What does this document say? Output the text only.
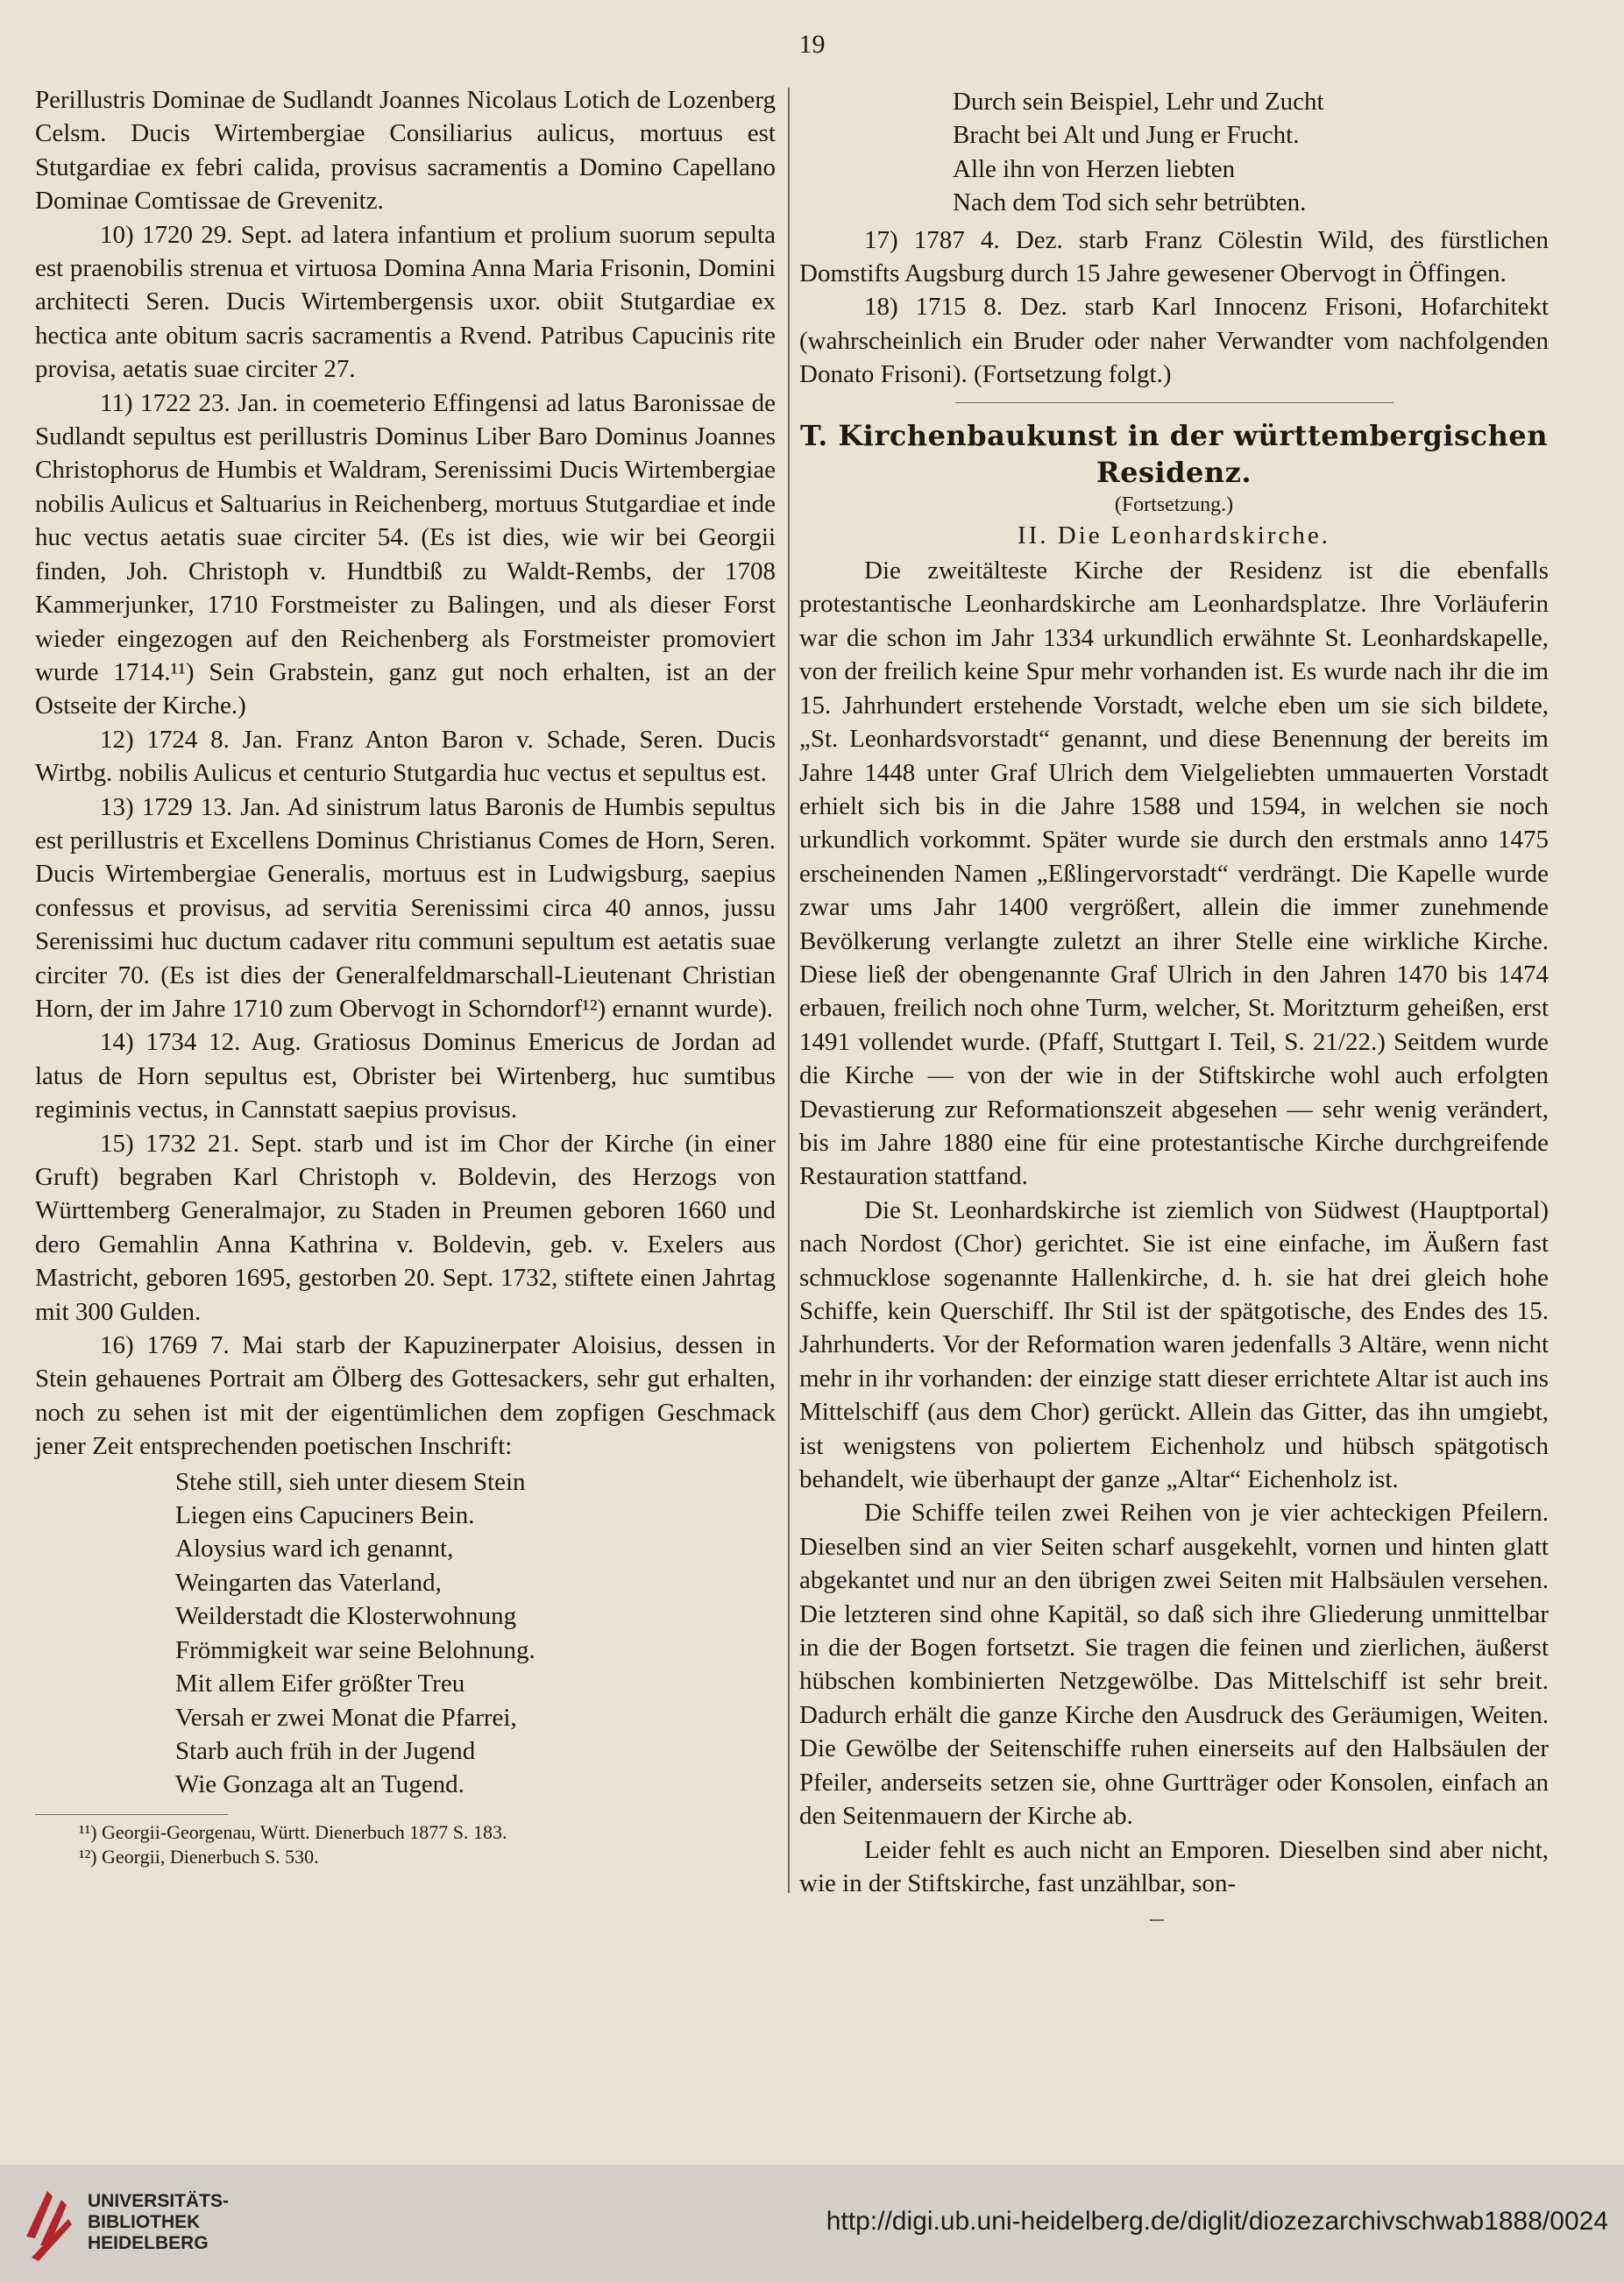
19

Perillustris Dominae de Sudlandt Joannes Nicolaus Lotich de Lozenberg Celsm. Ducis Wirtembergiae Consiliarius aulicus, mortuus est Stutgardiae ex febri calida, provisus sacramentis a Domino Capellano Dominae Comtissae de Grevenitz.

10) 1720 29. Sept. ad latera infantium et prolium suorum sepulta est praenobilis strenua et virtuosa Domina Anna Maria Frisonin, Domini architecti Seren. Ducis Wirtembergensis uxor. obiit Stutgardiae ex hectica ante obitum sacris sacramentis a Rvend. Patribus Capucinis rite provisa, aetatis suae circiter 27.

11) 1722 23. Jan. in coemeterio Effingensi ad latus Baronissae de Sudlandt sepultus est perillustris Dominus Liber Baro Dominus Joannes Christophorus de Humbis et Waldram, Serenissimi Ducis Wirtembergiae nobilis Aulicus et Saltuarius in Reichenberg, mortuus Stutgardiae et inde huc vectus aetatis suae circiter 54. (Es ist dies, wie wir bei Georgii finden, Joh. Christoph v. Hundtbiß zu Waldt-Rembs, der 1708 Kammerjunker, 1710 Forstmeister zu Balingen, und als dieser Forst wieder eingezogen auf den Reichenberg als Forstmeister promoviert wurde 1714.¹¹) Sein Grabstein, ganz gut noch erhalten, ist an der Ostseite der Kirche.)

12) 1724 8. Jan. Franz Anton Baron v. Schade, Seren. Ducis Wirtbg. nobilis Aulicus et centurio Stutgardia huc vectus et sepultus est.

13) 1729 13. Jan. Ad sinistrum latus Baronis de Humbis sepultus est perillustris et Excellens Dominus Christianus Comes de Horn, Seren. Ducis Wirtembergiae Generalis, mortuus est in Ludwigsburg, saepius confessus et provisus, ad servitia Serenissimi circa 40 annos, jussu Serenissimi huc ductum cadaver ritu communi sepultum est aetatis suae circiter 70. (Es ist dies der Generalfeldmarschall-Lieutenant Christian Horn, der im Jahre 1710 zum Obervogt in Schorndorf¹²) ernannt wurde).

14) 1734 12. Aug. Gratiosus Dominus Emericus de Jordan ad latus de Horn sepultus est, Obrister bei Wirtenberg, huc sumtibus regiminis vectus, in Cannstatt saepius provisus.

15) 1732 21. Sept. starb und ist im Chor der Kirche (in einer Gruft) begraben Karl Christoph v. Boldevin, des Herzogs von Württemberg Generalmajor, zu Staden in Preumen geboren 1660 und dero Gemahlin Anna Kathrina v. Boldevin, geb. v. Exelers aus Mastricht, geboren 1695, gestorben 20. Sept. 1732, stiftete einen Jahrtag mit 300 Gulden.

16) 1769 7. Mai starb der Kapuzinerpater Aloisius, dessen in Stein gehauenes Portrait am Ölberg des Gottesackers, sehr gut erhalten, noch zu sehen ist mit der eigentümlichen dem zopfigen Geschmack jener Zeit entsprechenden poetischen Inschrift:

Stehe still, sieh unter diesem Stein
Liegen eins Capuciners Bein.
Aloysius ward ich genannt,
Weingarten das Vaterland,
Weilderstadt die Klosterwohnung
Frömmigkeit war seine Belohnung.
Mit allem Eifer größter Treu
Versah er zwei Monat die Pfarrei,
Starb auch früh in der Jugend
Wie Gonzaga alt an Tugend.
¹¹) Georgii-Georgenau, Württ. Dienerbuch 1877 S. 183.
¹²) Georgii, Dienerbuch S. 530.
Durch sein Beispiel, Lehr und Zucht
Bracht bei Alt und Jung er Frucht.
Alle ihn von Herzen liebten
Nach dem Tod sich sehr betrübten.

17) 1787 4. Dez. starb Franz Cölestin Wild, des fürstlichen Domstifts Augsburg durch 15 Jahre gewesener Obervogt in Öffingen.

18) 1715 8. Dez. starb Karl Innocenz Frisoni, Hofarchitekt (wahrscheinlich ein Bruder oder naher Verwandter vom nachfolgenden Donato Frisoni). (Fortsetzung folgt.)

T. Kirchenbaukunst in der württembergischen Residenz.
(Fortsetzung.)
II. Die Leonhardskirche.

Die zweitälteste Kirche der Residenz ist die ebenfalls protestantische Leonhardskirche am Leonhardsplatze. Ihre Vorläuferin war die schon im Jahr 1334 urkundlich erwähnte St. Leonhardskapelle, von der freilich keine Spur mehr vorhanden ist. Es wurde nach ihr die im 15. Jahrhundert erstehende Vorstadt, welche eben um sie sich bildete, „St. Leonhardsvorstadt“ genannt, und diese Benennung der bereits im Jahre 1448 unter Graf Ulrich dem Vielgeliebten ummauerten Vorstadt erhielt sich bis in die Jahre 1588 und 1594, in welchen sie noch urkundlich vorkommt. Später wurde sie durch den erstmals anno 1475 erscheinenden Namen „Eßlingervorstadt“ verdrängt. Die Kapelle wurde zwar ums Jahr 1400 vergrößert, allein die immer zunehmende Bevölkerung verlangte zuletzt an ihrer Stelle eine wirkliche Kirche. Diese ließ der obengenannte Graf Ulrich in den Jahren 1470 bis 1474 erbauen, freilich noch ohne Turm, welcher, St. Moritzturm geheißen, erst 1491 vollendet wurde. (Pfaff, Stuttgart I. Teil, S. 21/22.) Seitdem wurde die Kirche — von der wie in der Stiftskirche wohl auch erfolgten Devastierung zur Reformationszeit abgesehen — sehr wenig verändert, bis im Jahre 1880 eine für eine protestantische Kirche durchgreifende Restauration stattfand.

Die St. Leonhardskirche ist ziemlich von Südwest (Hauptportal) nach Nordost (Chor) gerichtet. Sie ist eine einfache, im Äußern fast schmucklose sogenannte Hallenkirche, d. h. sie hat drei gleich hohe Schiffe, kein Querschiff. Ihr Stil ist der spätgotische, des Endes des 15. Jahrhunderts. Vor der Reformation waren jedenfalls 3 Altäre, wenn nicht mehr in ihr vorhanden: der einzige statt dieser errichtete Altar ist auch ins Mittelschiff (aus dem Chor) gerückt. Allein das Gitter, das ihn umgiebt, ist wenigstens von poliertem Eichenholz und hübsch spätgotisch behandelt, wie überhaupt der ganze „Altar“ Eichenholz ist.

Die Schiffe teilen zwei Reihen von je vier achteckigen Pfeilern. Dieselben sind an vier Seiten scharf ausgekehlt, vornen und hinten glatt abgekantet und nur an den übrigen zwei Seiten mit Halbsäulen versehen. Die letzteren sind ohne Kapitäl, so daß sich ihre Gliederung unmittelbar in die der Bogen fortsetzt. Sie tragen die feinen und zierlichen, äußerst hübschen kombinierten Netzgewölbe. Das Mittelschiff ist sehr breit. Dadurch erhält die ganze Kirche den Ausdruck des Geräumigen, Weiten. Die Gewölbe der Seitenschiffe ruhen einerseits auf den Halbsäulen der Pfeiler, anderseits setzen sie, ohne Gurtträger oder Konsolen, einfach an den Seitenmauern der Kirche ab.

Leider fehlt es auch nicht an Emporen. Dieselben sind aber nicht, wie in der Stiftskirche, fast unzählbar, son-

UNIVERSITÄTS-
BIBLIOTHEK
HEIDELBERG
http://digi.ub.uni-heidelberg.de/diglit/diozezarchivschwab1888/0024
